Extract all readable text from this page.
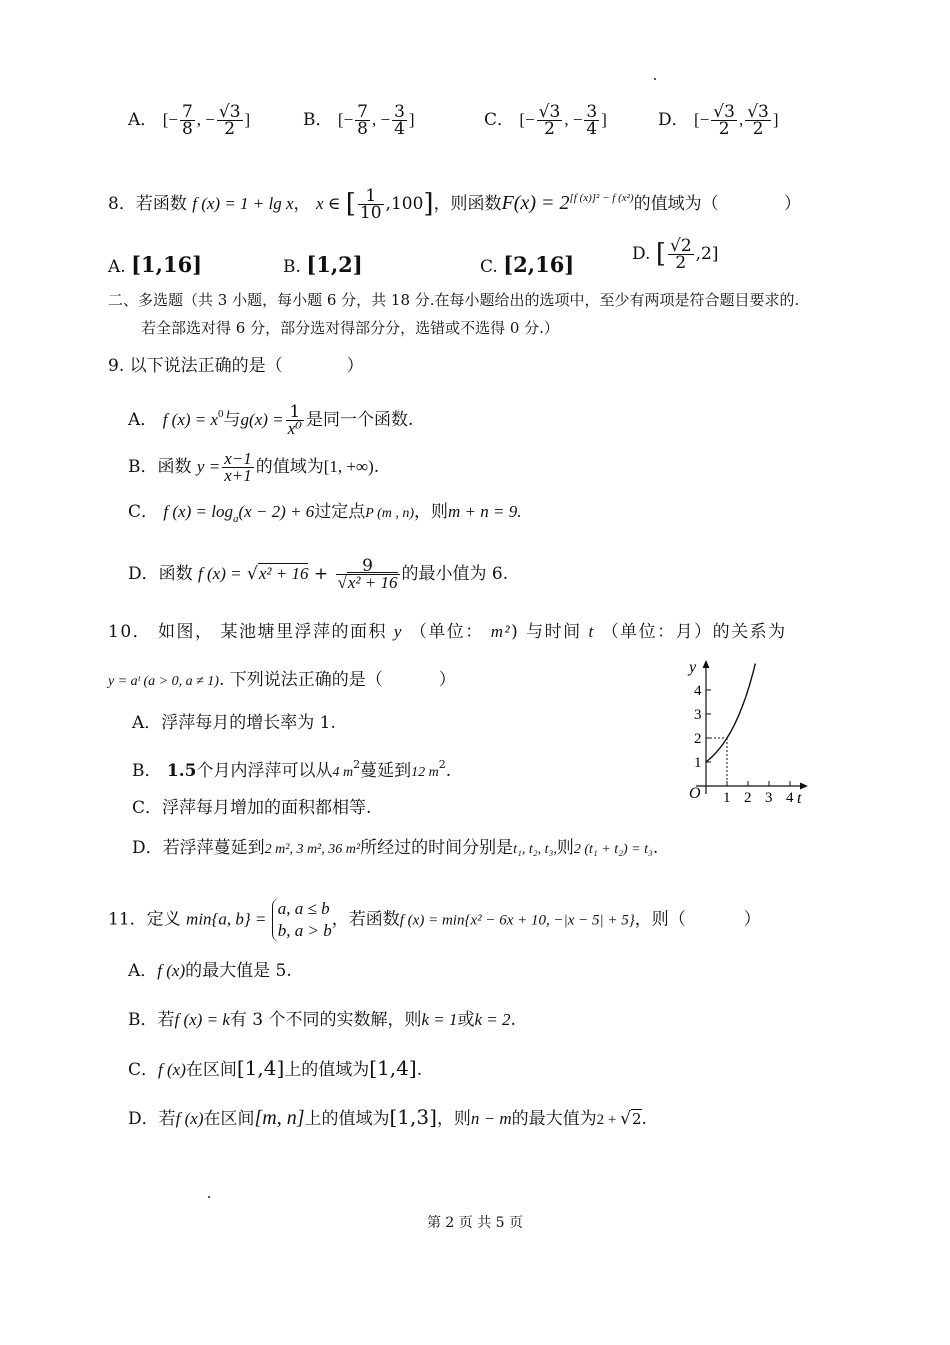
A． [− $\frac{7}{8}$ , − $\frac{√3}{2}$ ]	B． [− $\frac{7}{8}$ , − $\frac{3}{4}$ ]	C． [− $\frac{√3}{2}$ , − $\frac{3}{4}$ ]	D． [− $\frac{√3}{2}$ , $\frac{√3}{2}$ ]
8．若函数 f (x) = 1 + lg x， x ∈ [ $\frac{1}{10} ,100$]，则函数$F(x) = 2^{[f (x)]^2 - f (x^2)}$的值域为（	）
A. [1,16]	B. [1,2]	C. [2,16]	D. [ $\frac{√2}{2} ,2$]
二、多选题（共 3 小题，每小题 6 分，共 18 分.在每小题给出的选项中，至少有两项是符合题目要求的.
若全部选对得 6 分，部分选对得部分分，选错或不选得 0 分.）
9. 以下说法正确的是（	）
A． f $(x) = x^0$与$g(x) = \frac{1}{\text{x⁰}}$ 是同一个函数.
B．函数 $y = \frac{x-1}{x+1}$ 的值域为[1, +∞).
C． f $(x) = \log_a(x - 2) + 6$过定点P (m , n)，则m + n = 9.
D．函数 f $(x) = √x^2 + 16 + \frac{9}{\text{√x² + 16}}$ 的最小值为 6.
10． 如图， 某池塘里浮萍的面积 y （单位： m²) 与时间 t （单位：月）的关系为
y = aᵗ (a > 0, a ≠ 1). 下列说法正确的是（	）
A．浮萍每月的增长率为 1.
B． 1.5个月内浮萍可以从4 $m^2$蔓延到12 $m^2$.
C．浮萍每月增加的面积都相等.
D．若浮萍蔓延到2 m², 3 m², 36 m²所经过的时间分别是t₁, t₂, t₃,则2 (t₁ + t₂) = t₃.
y
t
O
1
2
3
4
1 2 3 4
11．定义 min{a, b} =
a, a ≤ b
b, a > b
，若函数f (x) = min{x² − 6x + 10, −|x − 5| + 5}，则（	）
A．f (x)的最大值是 5.
B．若f (x) = k有 3 个不同的实数解，则k = 1或k = 2.
C．f (x)在区间[1,4]上的值域为[1,4].
D．若f (x)在区间[m, n]上的值域为[1,3]，则n − m的最大值为2 + √2.
第 2 页 共 5 页
